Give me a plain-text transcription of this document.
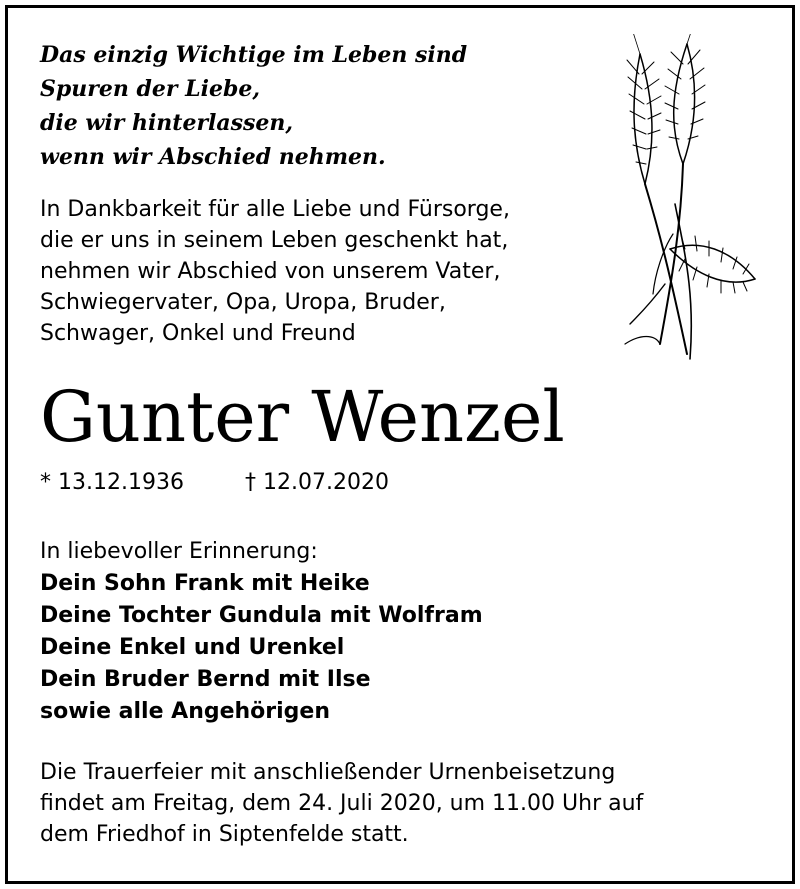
Das einzig Wichtige im Leben sind
Spuren der Liebe,
die wir hinterlassen,
wenn wir Abschied nehmen.

In Dankbarkeit für alle Liebe und Fürsorge,
die er uns in seinem Leben geschenkt hat,
nehmen wir Abschied von unserem Vater,
Schwiegervater, Opa, Uropa, Bruder,
Schwager, Onkel und Freund

Gunter Wenzel
* 13.12.1936	† 12.07.2020
In liebevoller Erinnerung:
Dein Sohn Frank mit Heike
Deine Tochter Gundula mit Wolfram
Deine Enkel und Urenkel
Dein Bruder Bernd mit Ilse
sowie alle Angehörigen
Die Trauerfeier mit anschließender Urnenbeisetzung
findet am Freitag, dem 24. Juli 2020, um 11.00 Uhr auf
dem Friedhof in Siptenfelde statt.
